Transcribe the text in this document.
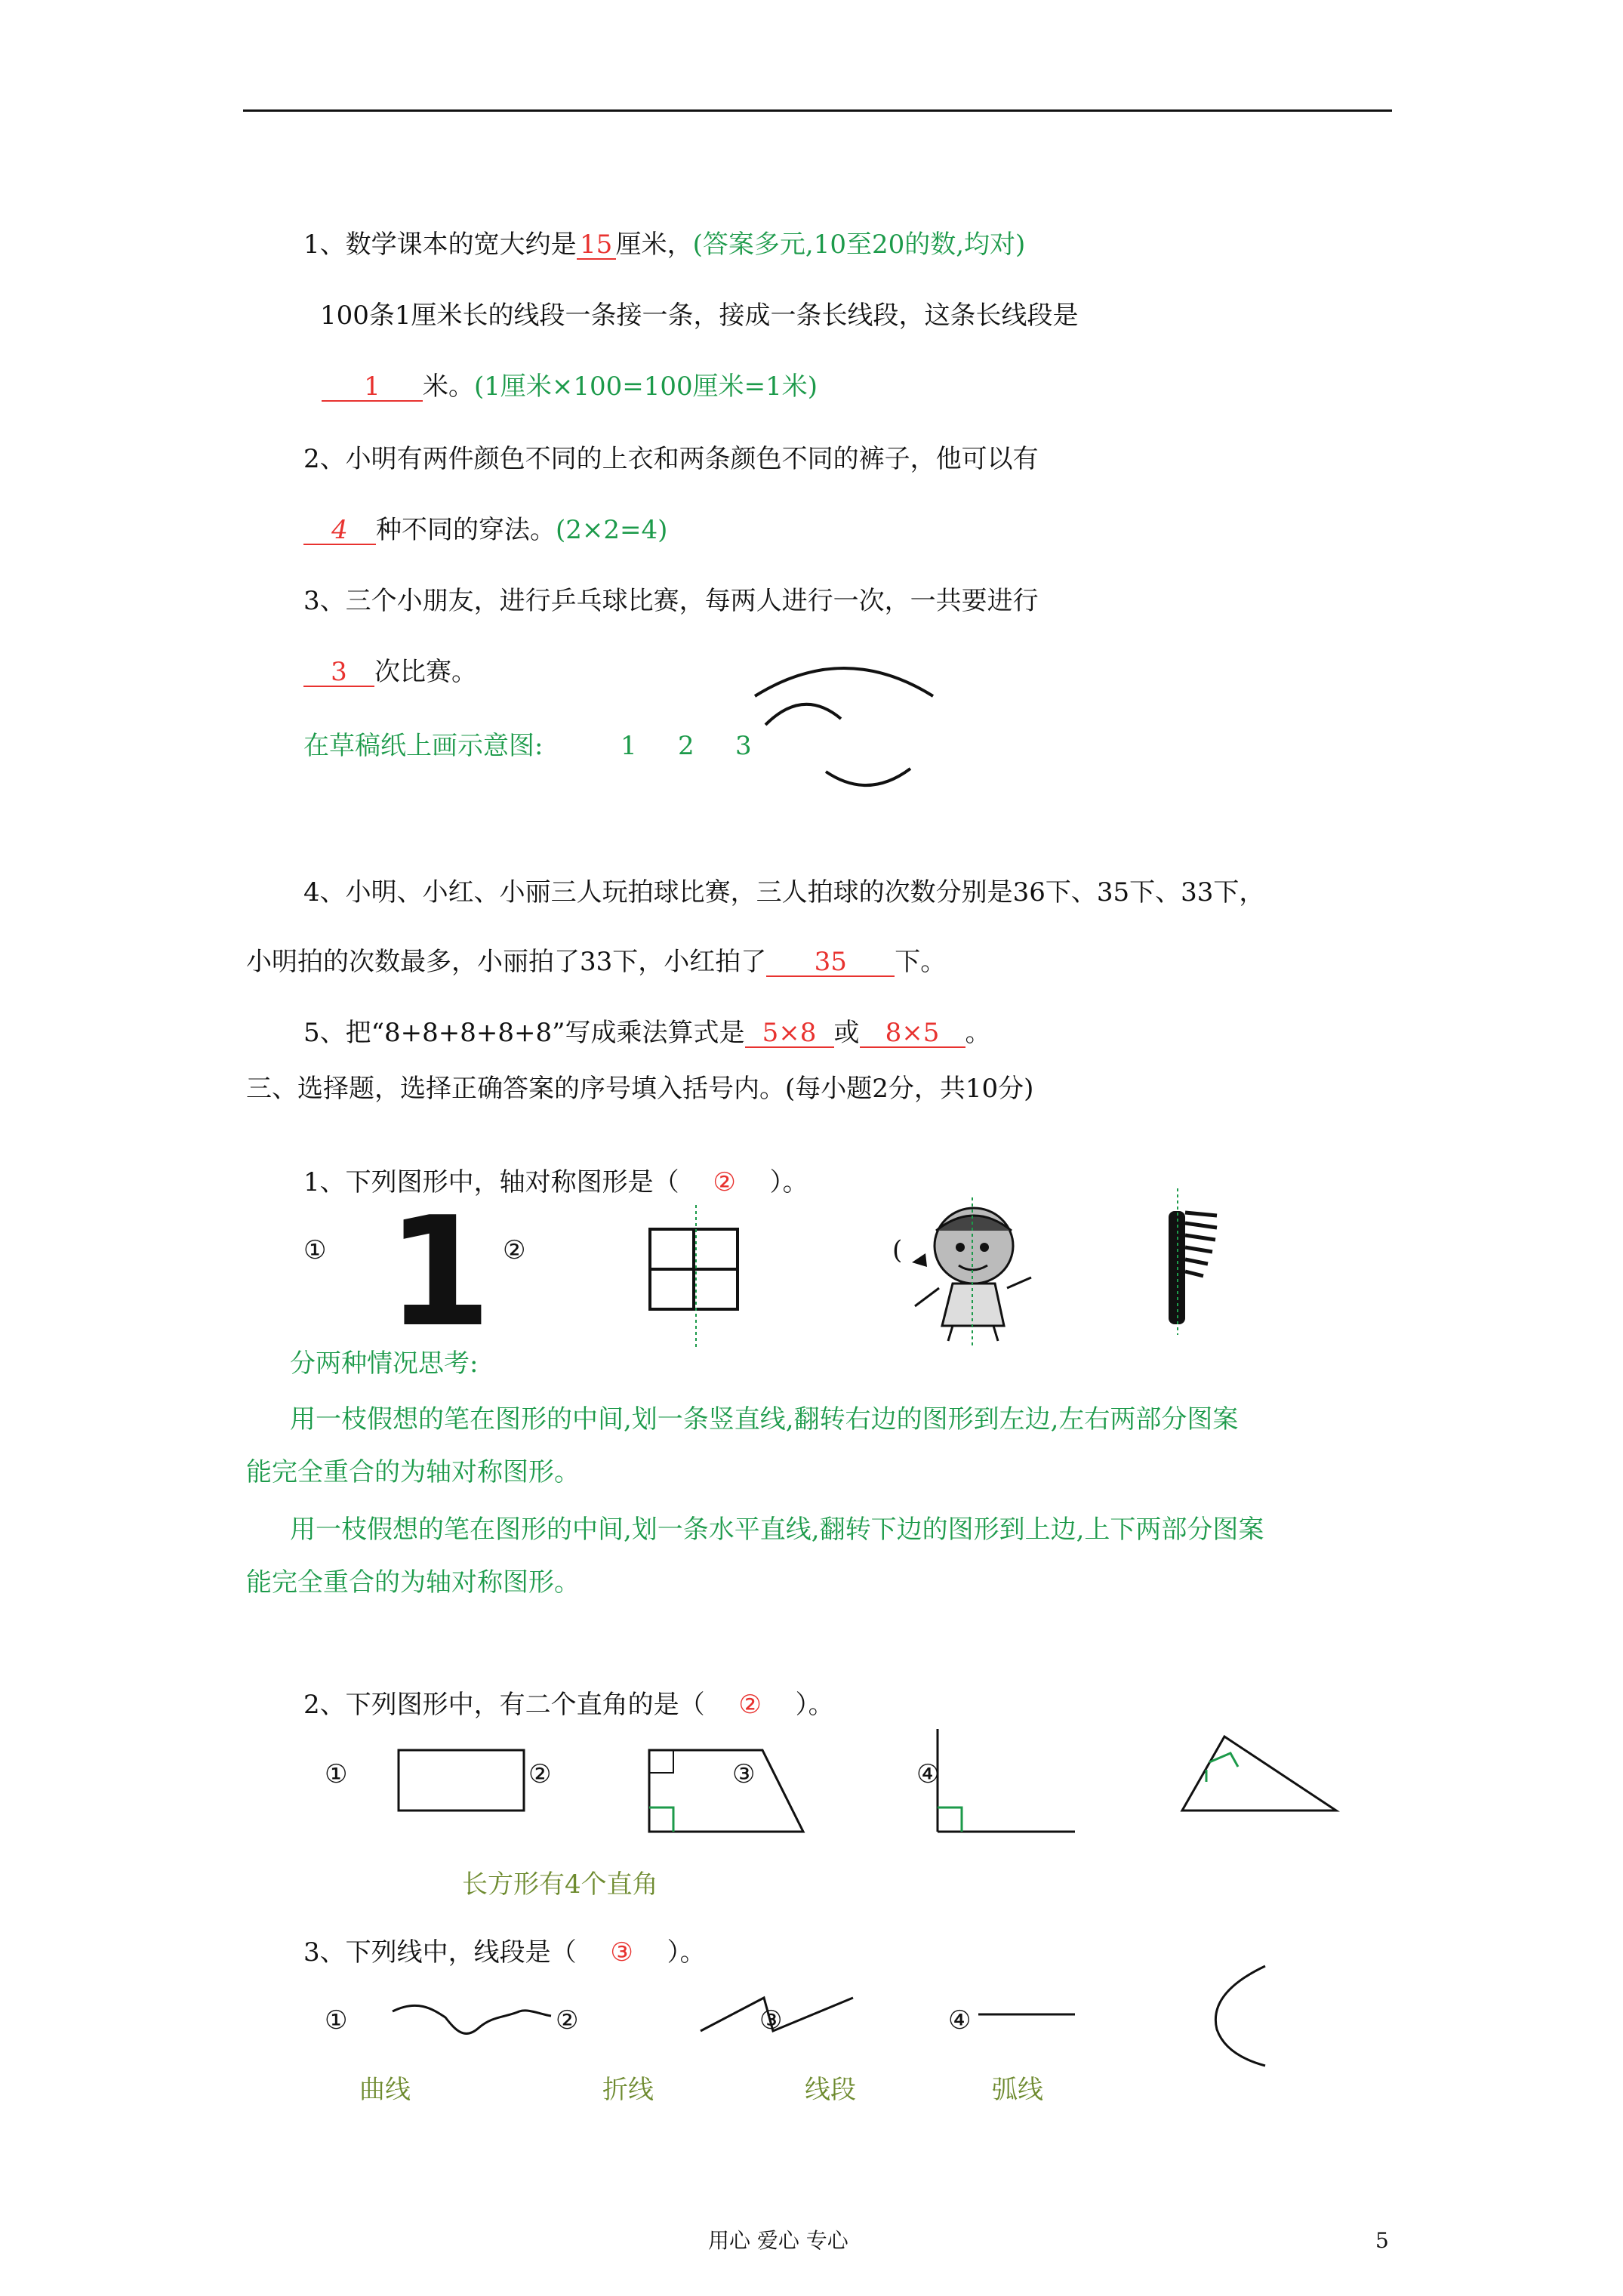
1、数学课本的宽大约是 15 厘米，(答案多元,10至20的数,均对)
100条1厘米长的线段一条接一条，接成一条长线段，这条长线段是
1 米。(1厘米×100=100厘米=1米)
2、小明有两件颜色不同的上衣和两条颜色不同的裤子，他可以有
4 种不同的穿法。(2×2=4)
3、三个小朋友，进行乒乓球比赛，每两人进行一次，一共要进行
3 次比赛。
在草稿纸上画示意图:	1 2 3
4、小明、小红、小丽三人玩拍球比赛，三人拍球的次数分别是36下、35下、33下，
小明拍的次数最多，小丽拍了33下，小红拍了 35 下。
5、把“8+8+8+8+8”写成乘法算式是 5×8 或 8×5 。
三、选择题，选择正确答案的序号填入括号内。(每小题2分，共10分)
1、下列图形中，轴对称图形是（ ② ）。
① 1 ②	(
分两种情况思考:
用一枝假想的笔在图形的中间,划一条竖直线,翻转右边的图形到左边,左右两部分图案
能完全重合的为轴对称图形。
用一枝假想的笔在图形的中间,划一条水平直线,翻转下边的图形到上边,上下两部分图案
能完全重合的为轴对称图形。
2、下列图形中，有二个直角的是（ ② ）。
①	②	③	④
长方形有4个直角
3、下列线中，线段是（ ③ ）。
①	②	③	④
曲线	折线	线段	弧线
用心 爱心 专心	5
